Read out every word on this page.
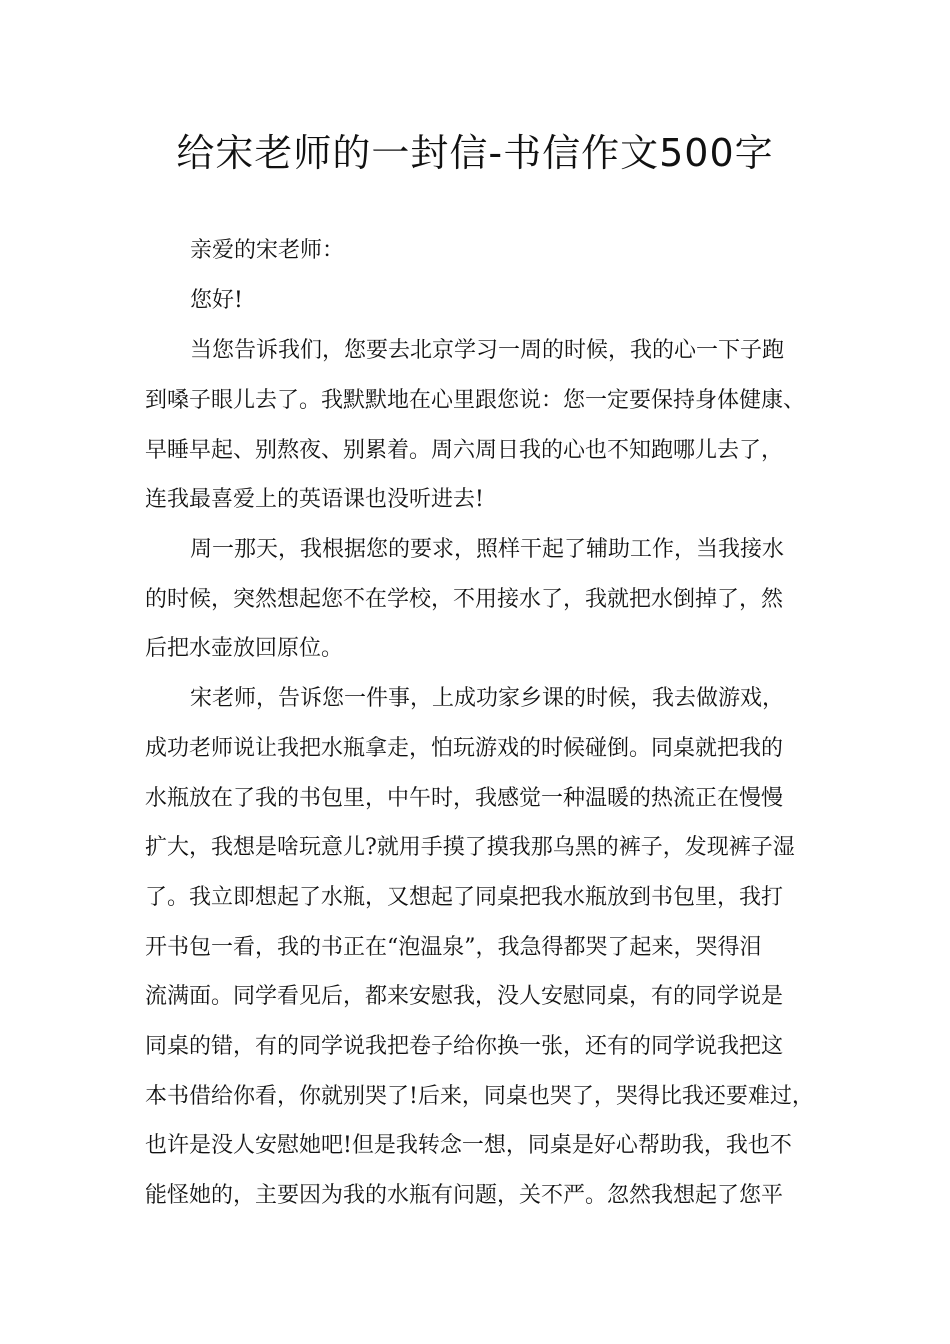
给宋老师的一封信-书信作文500字

亲爱的宋老师：

您好!

当您告诉我们，您要去北京学习一周的时候，我的心一下子跑

到嗓子眼儿去了。我默默地在心里跟您说：您一定要保持身体健康、

早睡早起、别熬夜、别累着。周六周日我的心也不知跑哪儿去了，

连我最喜爱上的英语课也没听进去!

周一那天，我根据您的要求，照样干起了辅助工作，当我接水

的时候，突然想起您不在学校，不用接水了，我就把水倒掉了，然

后把水壶放回原位。

宋老师，告诉您一件事，上成功家乡课的时候，我去做游戏，

成功老师说让我把水瓶拿走，怕玩游戏的时候碰倒。同桌就把我的

水瓶放在了我的书包里，中午时，我感觉一种温暖的热流正在慢慢

扩大，我想是啥玩意儿?就用手摸了摸我那乌黑的裤子，发现裤子湿

了。我立即想起了水瓶，又想起了同桌把我水瓶放到书包里，我打

开书包一看，我的书正在“泡温泉”，我急得都哭了起来，哭得泪

流满面。同学看见后，都来安慰我，没人安慰同桌，有的同学说是

同桌的错，有的同学说我把卷子给你换一张，还有的同学说我把这

本书借给你看，你就别哭了!后来，同桌也哭了，哭得比我还要难过，

也许是没人安慰她吧!但是我转念一想，同桌是好心帮助我，我也不

能怪她的，主要因为我的水瓶有问题，关不严。忽然我想起了您平
